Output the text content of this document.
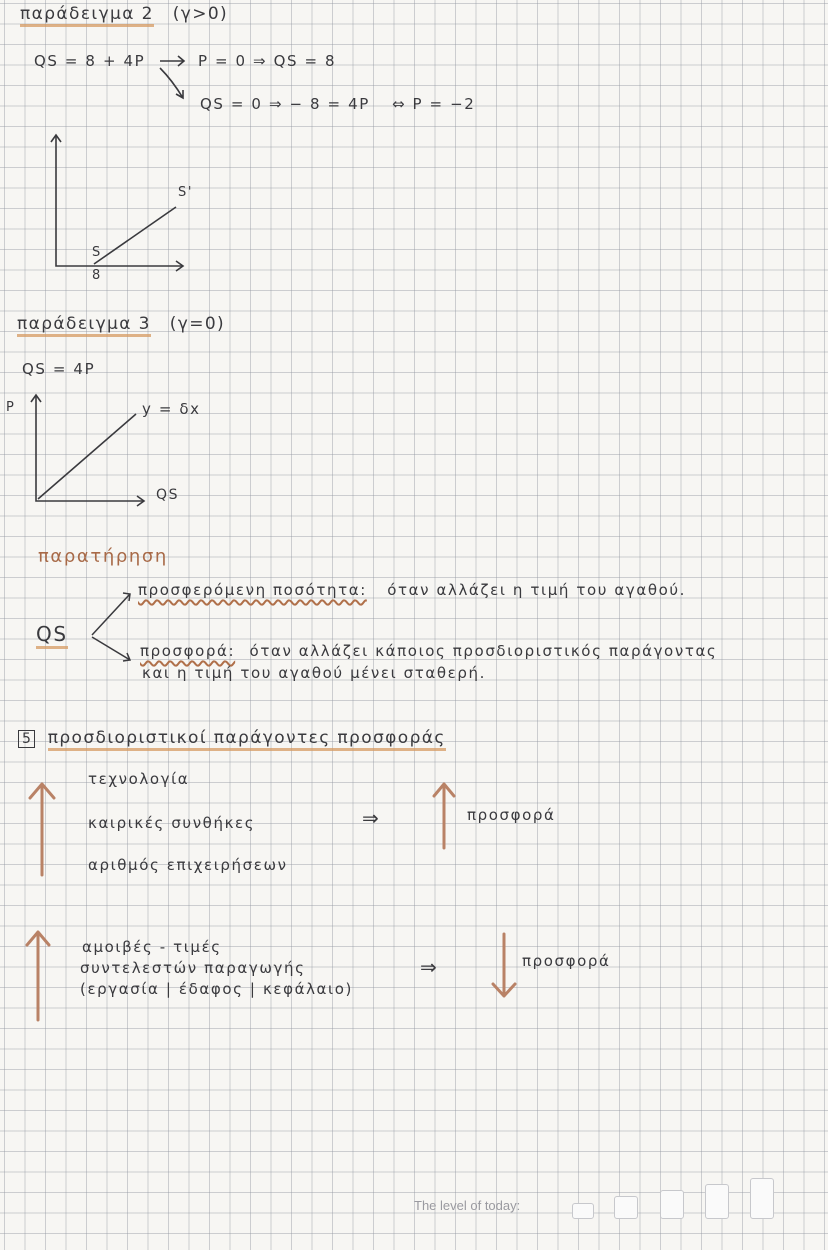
παράδειγμα 2 (γ>0)
QS = 8 + 4P	P = 0 ⇒ QS = 8
QS = 0 ⇒ − 8 = 4P ⇔ P = −2
S'
S
8
παράδειγμα 3 (γ=0)
QS = 4P
P	y = δx
QS
παρατήρηση
QS
προσφερόμενη ποσότητα: όταν αλλάζει η τιμή του αγαθού.
προσφορά: όταν αλλάζει κάποιος προσδιοριστικός παράγοντας
και η τιμή του αγαθού μένει σταθερή.
5 προσδιοριστικοί παράγοντες προσφοράς
τεχνολογία
καιρικές συνθήκες
αριθμός επιχειρήσεων
⇒	προσφορά
αμοιβές - τιμές
συντελεστών παραγωγής
(εργασία | έδαφος | κεφάλαιο)
⇒	προσφορά
The level of today:
